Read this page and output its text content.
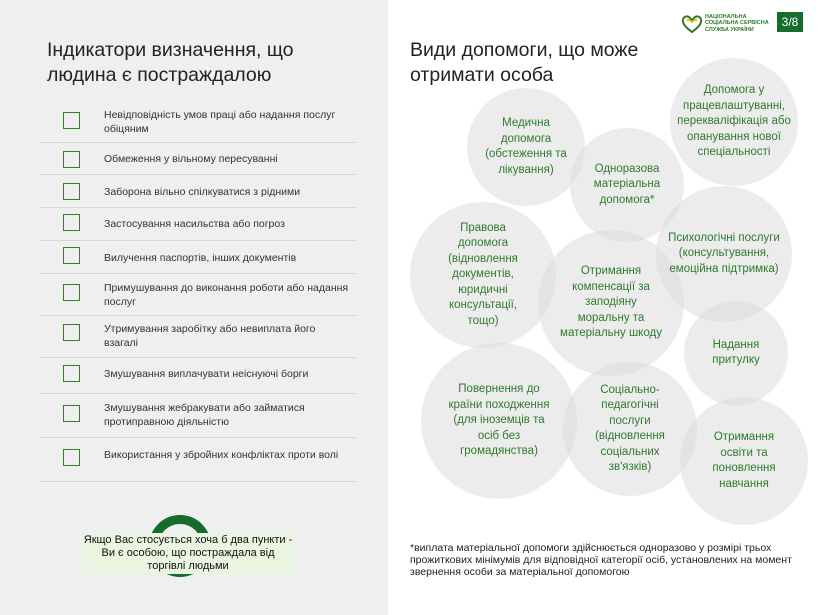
Індикатори визначення, що людина є постраждалою
Невідповідність умов праці або надання послуг обіцяним
Обмеження у вільному пересуванні
Заборона вільно спілкуватися з рідними
Застосування насильства або погроз
Вилучення паспортів, інших документів
Примушування до виконання роботи або надання послуг
Утримування заробітку або невиплата його взагалі
Змушування виплачувати неіснуючі борги
Змушування жебракувати або займатися протиправною діяльністю
Використання у збройних конфліктах проти волі
Якщо Вас стосується хоча б два пункти - Ви є особою, що постраждала від торгівлі людьми
НАЦІОНАЛЬНА СОЦІАЛЬНА СЕРВІСНА СЛУЖБА УКРАЇНИ
3/8
Види допомоги, що може отримати особа
Медична допомога (обстеження та лікування)	Одноразова матеріальна допомога*
Допомога у працевлаштуванні, перекваліфікація або опанування нової спеціальності
Правова допомога (відновлення документів, юридичні консультації, тощо)
Отримання компенсації за заподіяну моральну та матеріальну шкоду
Психологічні послуги (консультування, емоційна підтримка)
Надання притулку
Повернення до країни походження (для іноземців та осіб без громадянства)
Соціально-педагогічні послуги (відновлення соціальних зв'язків)
Отримання освіти та поновлення навчання
*виплата матеріальної допомоги здійснюється одноразово у розмірі трьох прожиткових мінімумів для відповідної категорії осіб, установлених на момент звернення особи за матеріальної допомогою
